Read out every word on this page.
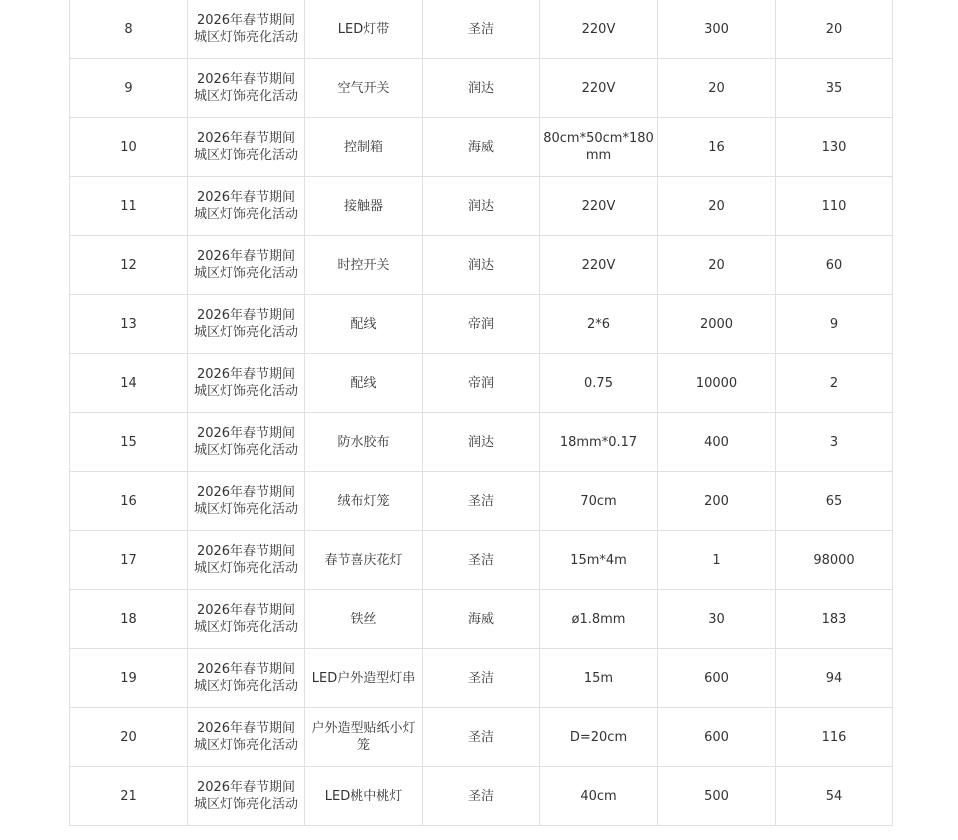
8	2026年春节期间城区灯饰亮化活动	LED灯带	圣洁	220V	300	20
9	2026年春节期间城区灯饰亮化活动	空气开关	润达	220V	20	35
10	2026年春节期间城区灯饰亮化活动	控制箱	海威	80cm*50cm*180mm	16	130
11	2026年春节期间城区灯饰亮化活动	接触器	润达	220V	20	110
12	2026年春节期间城区灯饰亮化活动	时控开关	润达	220V	20	60
13	2026年春节期间城区灯饰亮化活动	配线	帝润	2*6	2000	9
14	2026年春节期间城区灯饰亮化活动	配线	帝润	0.75	10000	2
15	2026年春节期间城区灯饰亮化活动	防水胶布	润达	18mm*0.17	400	3
16	2026年春节期间城区灯饰亮化活动	绒布灯笼	圣洁	70cm	200	65
17	2026年春节期间城区灯饰亮化活动	春节喜庆花灯	圣洁	15m*4m	1	98000
18	2026年春节期间城区灯饰亮化活动	铁丝	海威	ø1.8mm	30	183
19	2026年春节期间城区灯饰亮化活动	LED户外造型灯串	圣洁	15m	600	94
20	2026年春节期间城区灯饰亮化活动	户外造型贴纸小灯笼	圣洁	D=20cm	600	116
21	2026年春节期间城区灯饰亮化活动	LED桃中桃灯	圣洁	40cm	500	54
